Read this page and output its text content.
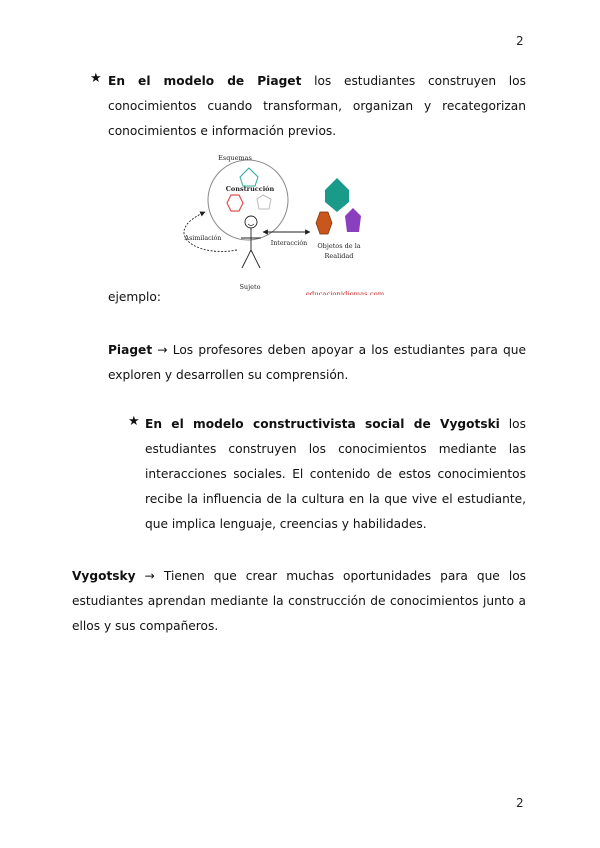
2
★ En el modelo de Piaget los estudiantes construyen los conocimientos cuando transforman, organizan y recategorizan conocimientos e información previos.
Esquemas
Construcción
Sujeto
Asimilación
Interacción Objetos de la
Realidad
educacionidiomas.com
ejemplo:
Piaget → Los profesores deben apoyar a los estudiantes para que exploren y desarrollen su comprensión.
★ En el modelo constructivista social de Vygotski los estudiantes construyen los conocimientos mediante las interacciones sociales. El contenido de estos conocimientos recibe la influencia de la cultura en la que vive el estudiante, que implica lenguaje, creencias y habilidades.
Vygotsky → Tienen que crear muchas oportunidades para que los estudiantes aprendan mediante la construcción de conocimientos junto a ellos y sus compañeros.
2
